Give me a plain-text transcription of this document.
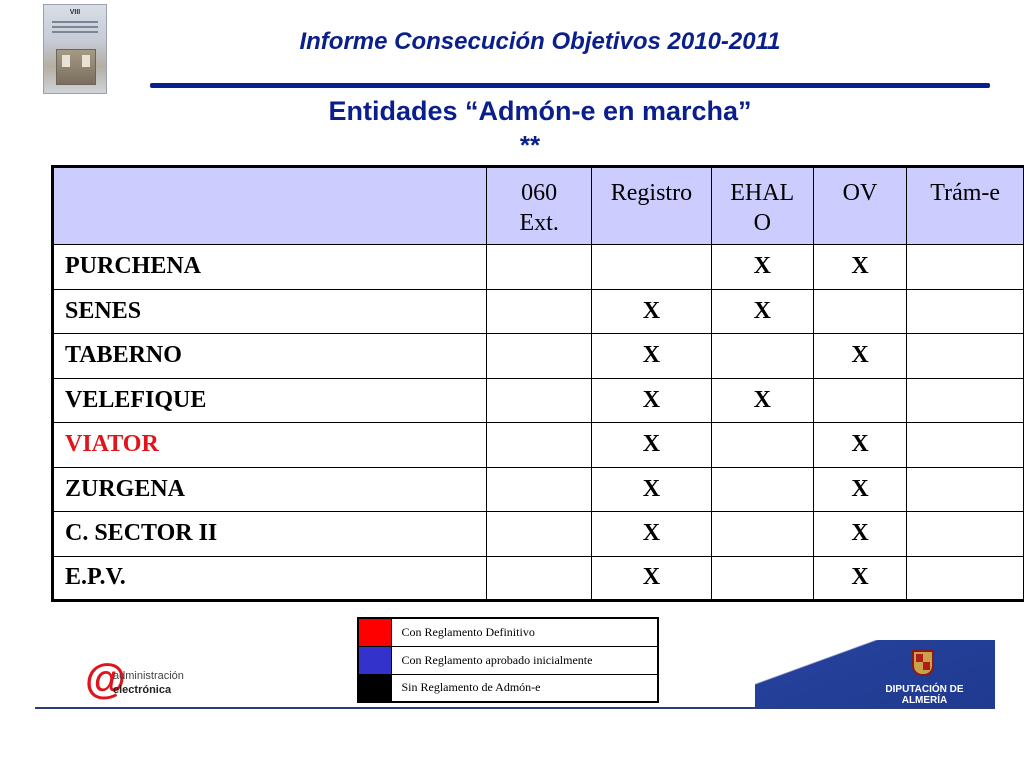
VIII
Informe Consecución Objetivos 2010-2011
Entidades “Admón-e en marcha”
**
	060 Ext.	Registro	EHALO	OV	Trám-e
PURCHENA			X	X	
SENES		X	X		
TABERNO		X		X	
VELEFIQUE		X	X		
VIATOR		X		X	
ZURGENA		X		X	
C. SECTOR II		X		X	
E.P.V.		X		X	
	Con Reglamento Definitivo
	Con Reglamento aprobado inicialmente
	Sin Reglamento de Admón-e
@
administración
electrónica	DIPUTACIÓN DE ALMERÍA
